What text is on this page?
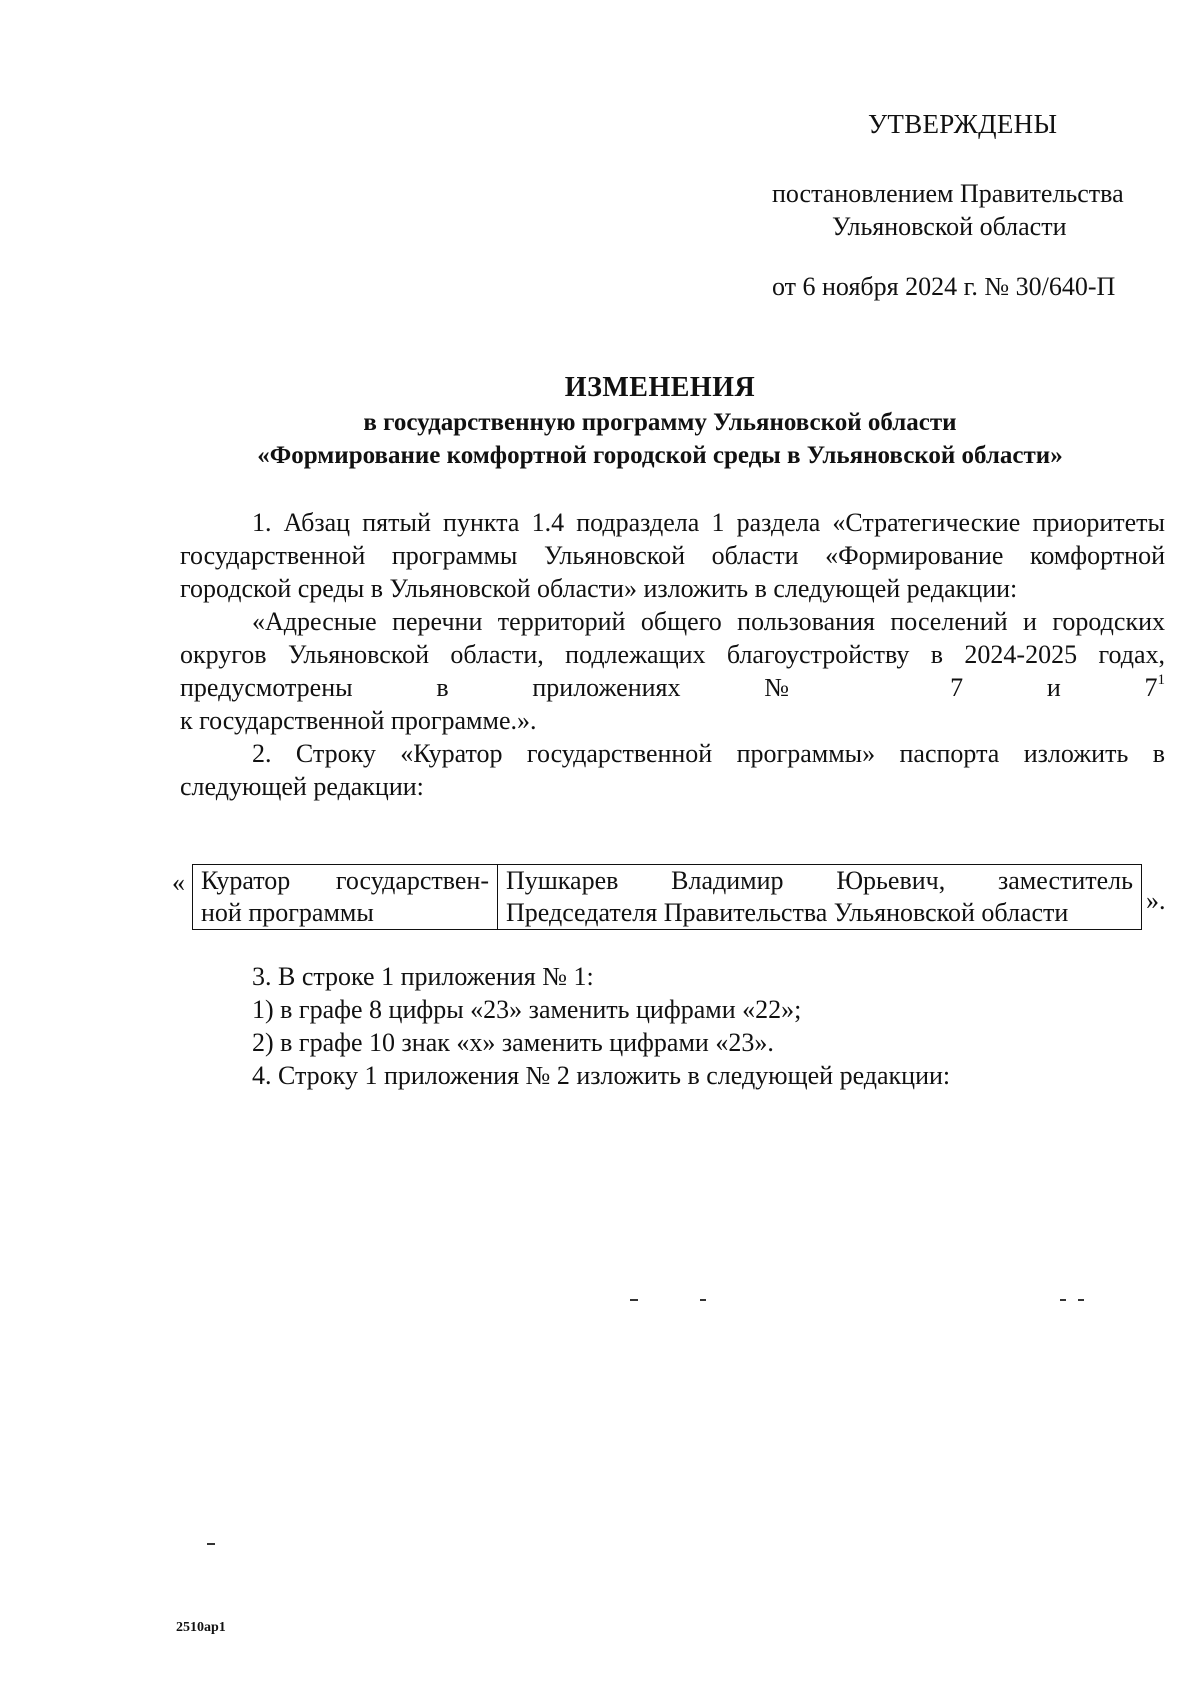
УТВЕРЖДЕНЫ
постановлением Правительства
Ульяновской области
от 6 ноября 2024 г. № 30/640-П
ИЗМЕНЕНИЯ
в государственную программу Ульяновской области
«Формирование комфортной городской среды в Ульяновской области»

1. Абзац пятый пункта 1.4 подраздела 1 раздела «Стратегические приоритеты государственной программы Ульяновской области «Формирование комфортной городской среды в Ульяновской области» изложить в следующей редакции:

«Адресные перечни территорий общего пользования поселений и городских округов Ульяновской области, подлежащих благоустройству в 2024-2025 годах, предусмотрены в приложениях № 7 и $7^1$

к государственной программе.».

2. Строку «Куратор государственной программы» паспорта изложить в следующей редакции:

« Куратор государствен-ной программы	Пушкарев Владимир Юрьевич, заместитель Председателя Правительства Ульяновской области	».

3. В строке 1 приложения № 1:

1) в графе 8 цифры «23» заменить цифрами «22»;

2) в графе 10 знак «х» заменить цифрами «23».

4. Строку 1 приложения № 2 изложить в следующей редакции:

2510ap1
